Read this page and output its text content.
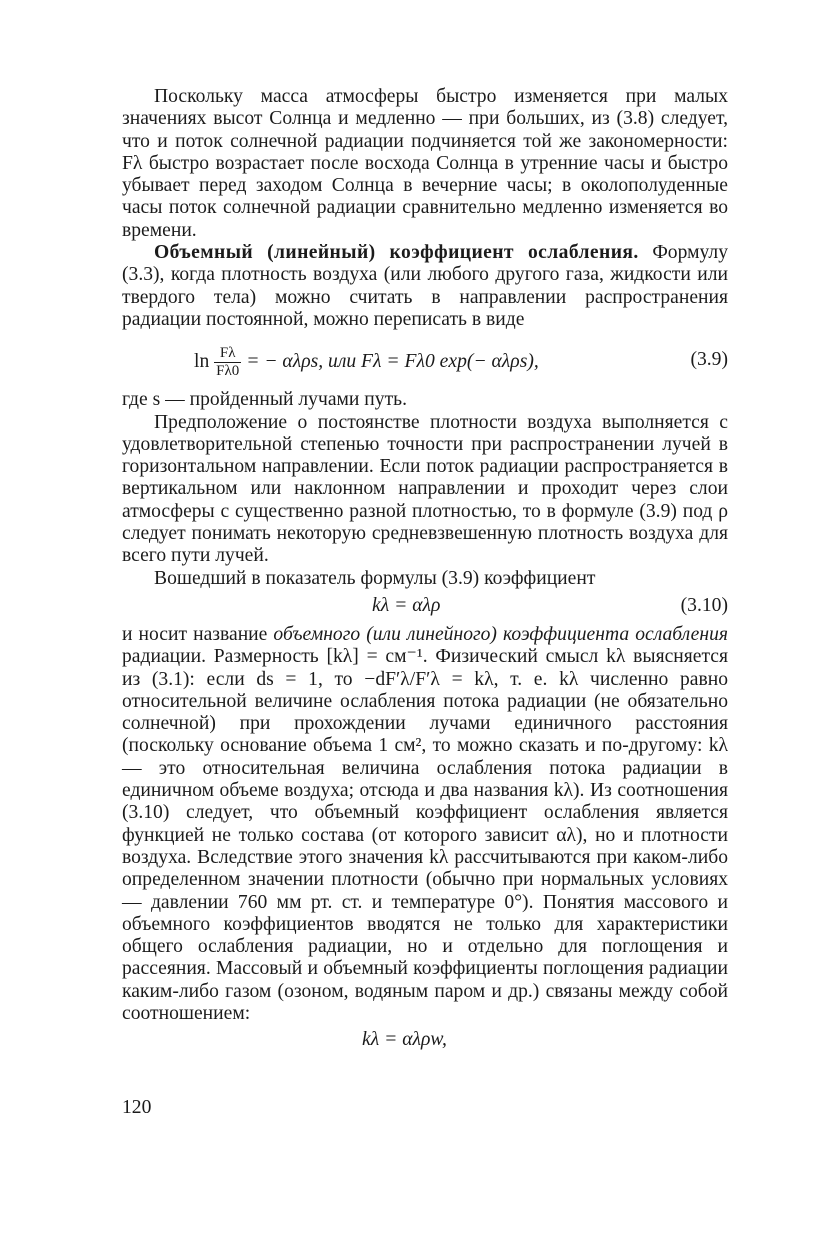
Поскольку масса атмосферы быстро изменяется при малых значениях высот Солнца и медленно — при больших, из (3.8) следует, что и поток солнечной радиации подчиняется той же закономерности: Fλ быстро возрастает после восхода Солнца в утренние часы и быстро убывает перед заходом Солнца в вечерние часы; в околополуденные часы поток солнечной радиации сравнительно медленно изменяется во времени.

Объемный (линейный) коэффициент ослабления. Формулу (3.3), когда плотность воздуха (или любого другого газа, жидкости или твердого тела) можно считать в направлении распространения радиации постоянной, можно переписать в виде

$\ln \frac{F\lambda}{F\lambda 0}$ = − αλρs, или Fλ = Fλ0 exp(− αλρs),	(3.9)

где s — пройденный лучами путь.

Предположение о постоянстве плотности воздуха выполняется с удовлетворительной степенью точности при распространении лучей в горизонтальном направлении. Если поток радиации распространяется в вертикальном или наклонном направлении и проходит через слои атмосферы с существенно разной плотностью, то в формуле (3.9) под ρ следует понимать некоторую средневзвешенную плотность воздуха для всего пути лучей.

Вошедший в показатель формулы (3.9) коэффициент

kλ = αλρ	(3.10)

и носит название объемного (или линейного) коэффициента ослабления радиации. Размерность [kλ] = см⁻¹. Физический смысл kλ выясняется из (3.1): если ds = 1, то −dF′λ/F′λ = kλ, т. е. kλ численно равно относительной величине ослабления потока радиации (не обязательно солнечной) при прохождении лучами единичного расстояния (поскольку основание объема 1 см², то можно сказать и по-другому: kλ — это относительная величина ослабления потока радиации в единичном объеме воздуха; отсюда и два названия kλ). Из соотношения (3.10) следует, что объемный коэффициент ослабления является функцией не только состава (от которого зависит αλ), но и плотности воздуха. Вследствие этого значения kλ рассчитываются при каком-либо определенном значении плотности (обычно при нормальных условиях — давлении 760 мм рт. ст. и температуре 0°). Понятия массового и объемного коэффициентов вводятся не только для характеристики общего ослабления радиации, но и отдельно для поглощения и рассеяния. Массовый и объемный коэффициенты поглощения радиации каким-либо газом (озоном, водяным паром и др.) связаны между собой соотношением:

kλ = αλρw,
120
